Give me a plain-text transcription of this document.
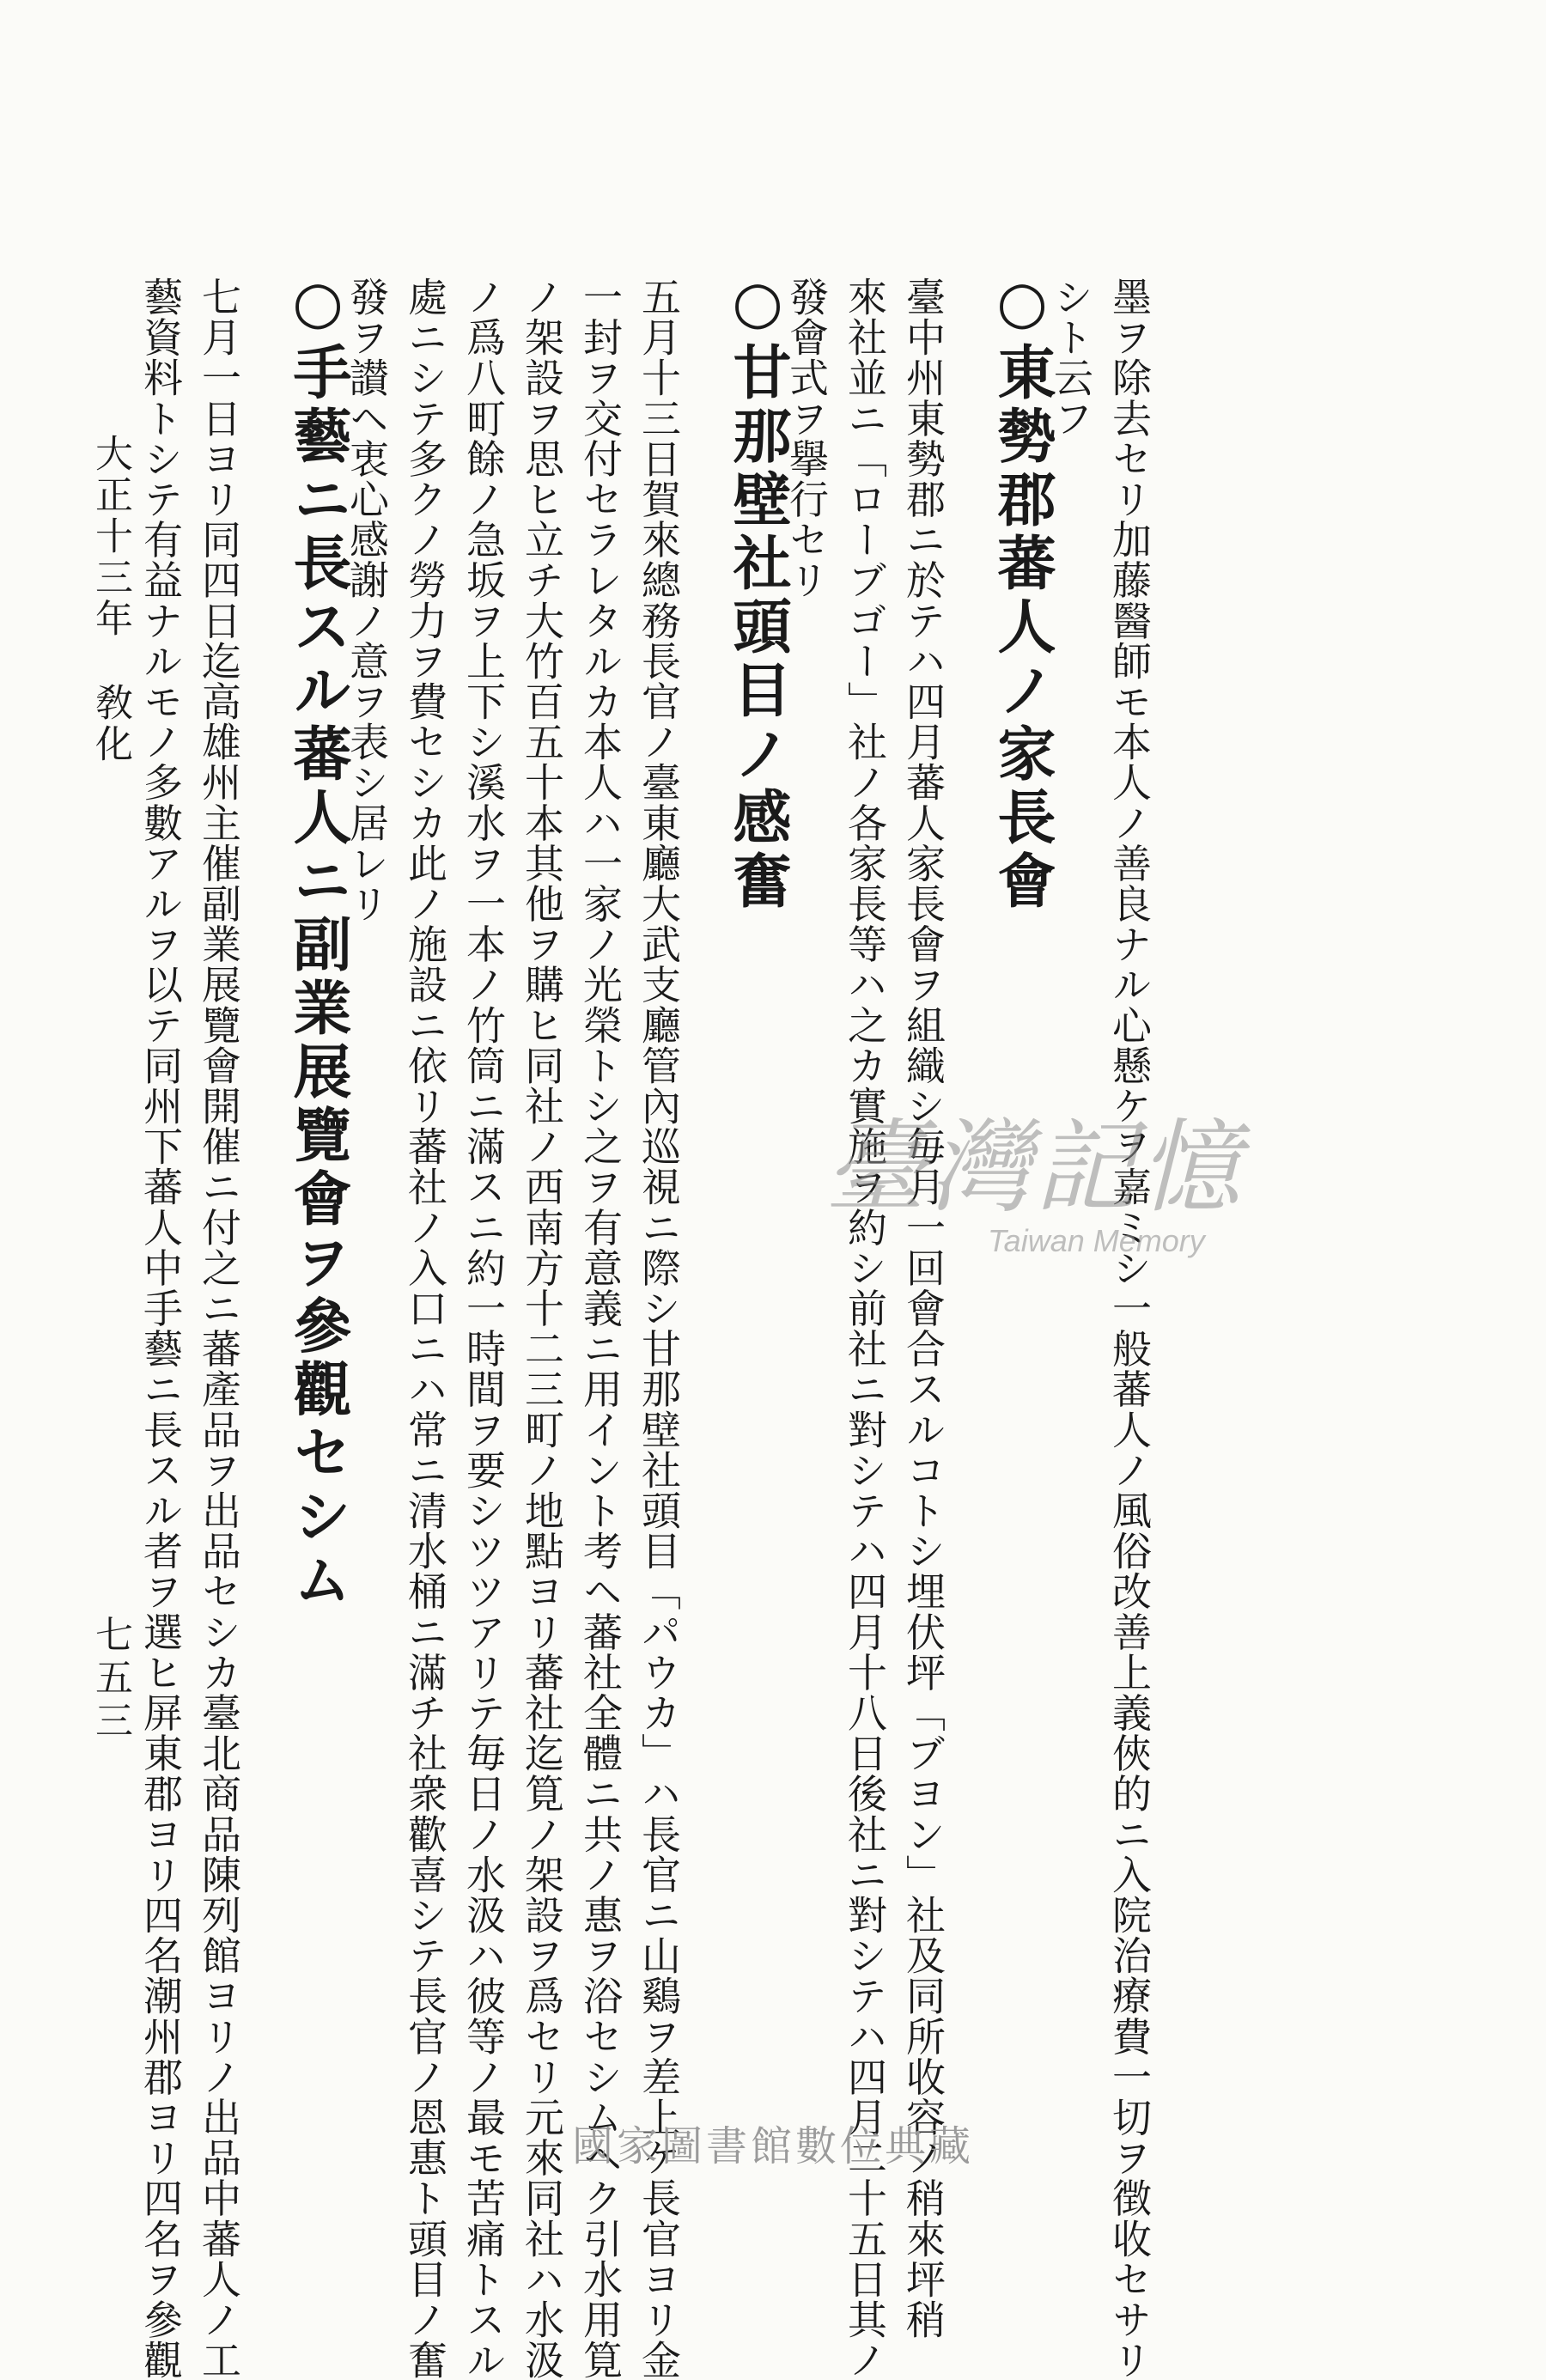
墨ヲ除去セリ加藤醫師モ本人ノ善良ナル心懸ケヲ嘉ミシ一般蕃人ノ風俗改善上義俠的ニ入院治療費一切ヲ徴收セサリ

シト云フ

○東勢郡蕃人ノ家長會

臺中州東勢郡ニ於テハ四月蕃人家長會ヲ組織シ毎月一回會合スルコトシ埋伏坪「ブヨン」社及同所收容ノ稍來坪稍

來社並ニ「ローブゴー」社ノ各家長等ハ之カ實施ヲ約シ前社ニ對シテハ四月十八日後社ニ對シテハ四月二十五日其ノ

發會式ヲ擧行セリ

○甘那壁社頭目ノ感奮

五月十三日賀來總務長官ノ臺東廳大武支廳管內巡視ニ際シ甘那壁社頭目「パウカ」ハ長官ニ山鷄ヲ差上ケ長官ヨリ金

一封ヲ交付セラレタルカ本人ハ一家ノ光榮トシ之ヲ有意義ニ用イント考ヘ蕃社全體ニ共ノ惠ヲ浴セシムヘク引水用筧

ノ架設ヲ思ヒ立チ大竹百五十本其他ヲ購ヒ同社ノ西南方十二三町ノ地點ヨリ蕃社迄筧ノ架設ヲ爲セリ元來同社ハ水汲

ノ爲八町餘ノ急坂ヲ上下シ溪水ヲ一本ノ竹筒ニ滿スニ約一時間ヲ要シツツアリテ毎日ノ水汲ハ彼等ノ最モ苦痛トスル

處ニシテ多クノ勞力ヲ費セシカ此ノ施設ニ依リ蕃社ノ入口ニハ常ニ清水桶ニ滿チ社衆歡喜シテ長官ノ恩惠ト頭目ノ奮

發ヲ讃ヘ衷心感謝ノ意ヲ表シ居レリ

○手藝ニ長スル蕃人ニ副業展覽會ヲ參觀セシム

七月一日ヨリ同四日迄高雄州主催副業展覽會開催ニ付之ニ蕃產品ヲ出品セシカ臺北商品陳列館ヨリノ出品中蕃人ノ工

藝資料トシテ有益ナルモノ多數アルヲ以テ同州下蕃人中手藝ニ長スル者ヲ選ヒ屏東郡ヨリ四名潮州郡ヨリ四名ヲ參觀	臺灣記憶
Taiwan Memory
大正十三年敎化
七五三
國家圖書館數位典藏
